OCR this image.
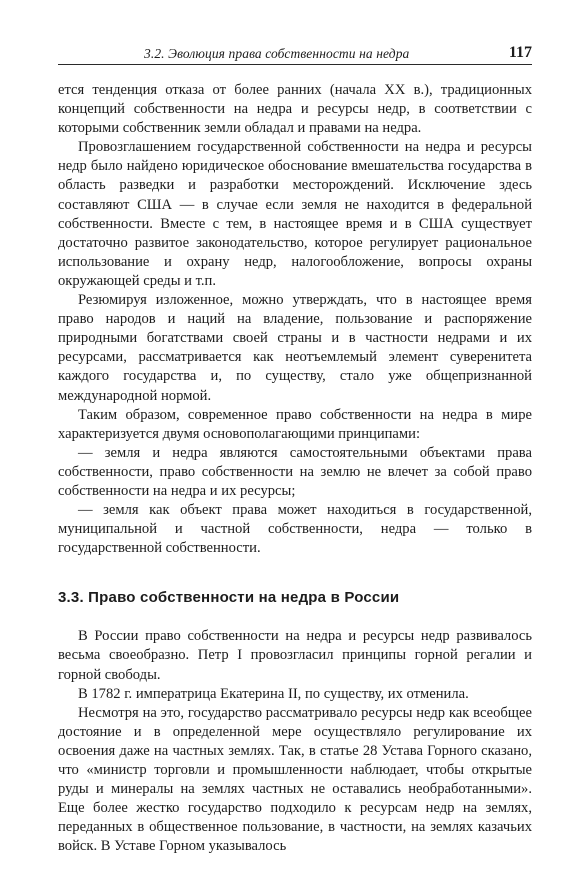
3.2. Эволюция права собственности на недра	117

ется тенденция отказа от более ранних (начала XX в.), традиционных концепций собственности на недра и ресурсы недр, в соответствии с которыми собственник земли обладал и правами на недра.

Провозглашением государственной собственности на недра и ресурсы недр было найдено юридическое обоснование вмешательства государства в область разведки и разработки месторождений. Исключение здесь составляют США — в случае если земля не находится в федеральной собственности. Вместе с тем, в настоящее время и в США существует достаточно развитое законодательство, которое регулирует рациональное использование и охрану недр, налогообложение, вопросы охраны окружающей среды и т.п.

Резюмируя изложенное, можно утверждать, что в настоящее время право народов и наций на владение, пользование и распоряжение природными богатствами своей страны и в частности недрами и их ресурсами, рассматривается как неотъемлемый элемент суверенитета каждого государства и, по существу, стало уже общепризнанной международной нормой.

Таким образом, современное право собственности на недра в мире характеризуется двумя основополагающими принципами:

— земля и недра являются самостоятельными объектами права собственности, право собственности на землю не влечет за собой право собственности на недра и их ресурсы;

— земля как объект права может находиться в государственной, муниципальной и частной собственности, недра — только в государственной собственности.

3.3. Право собственности на недра в России

В России право собственности на недра и ресурсы недр развивалось весьма своеобразно. Петр I провозгласил принципы горной регалии и горной свободы.

В 1782 г. императрица Екатерина II, по существу, их отменила.

Несмотря на это, государство рассматривало ресурсы недр как всеобщее достояние и в определенной мере осуществляло регулирование их освоения даже на частных землях. Так, в статье 28 Устава Горного сказано, что «министр торговли и промышленности наблюдает, чтобы открытые руды и минералы на землях частных не оставались необработанными». Еще более жестко государство подходило к ресурсам недр на землях, переданных в общественное пользование, в частности, на землях казачьих войск. В Уставе Горном указывалось
